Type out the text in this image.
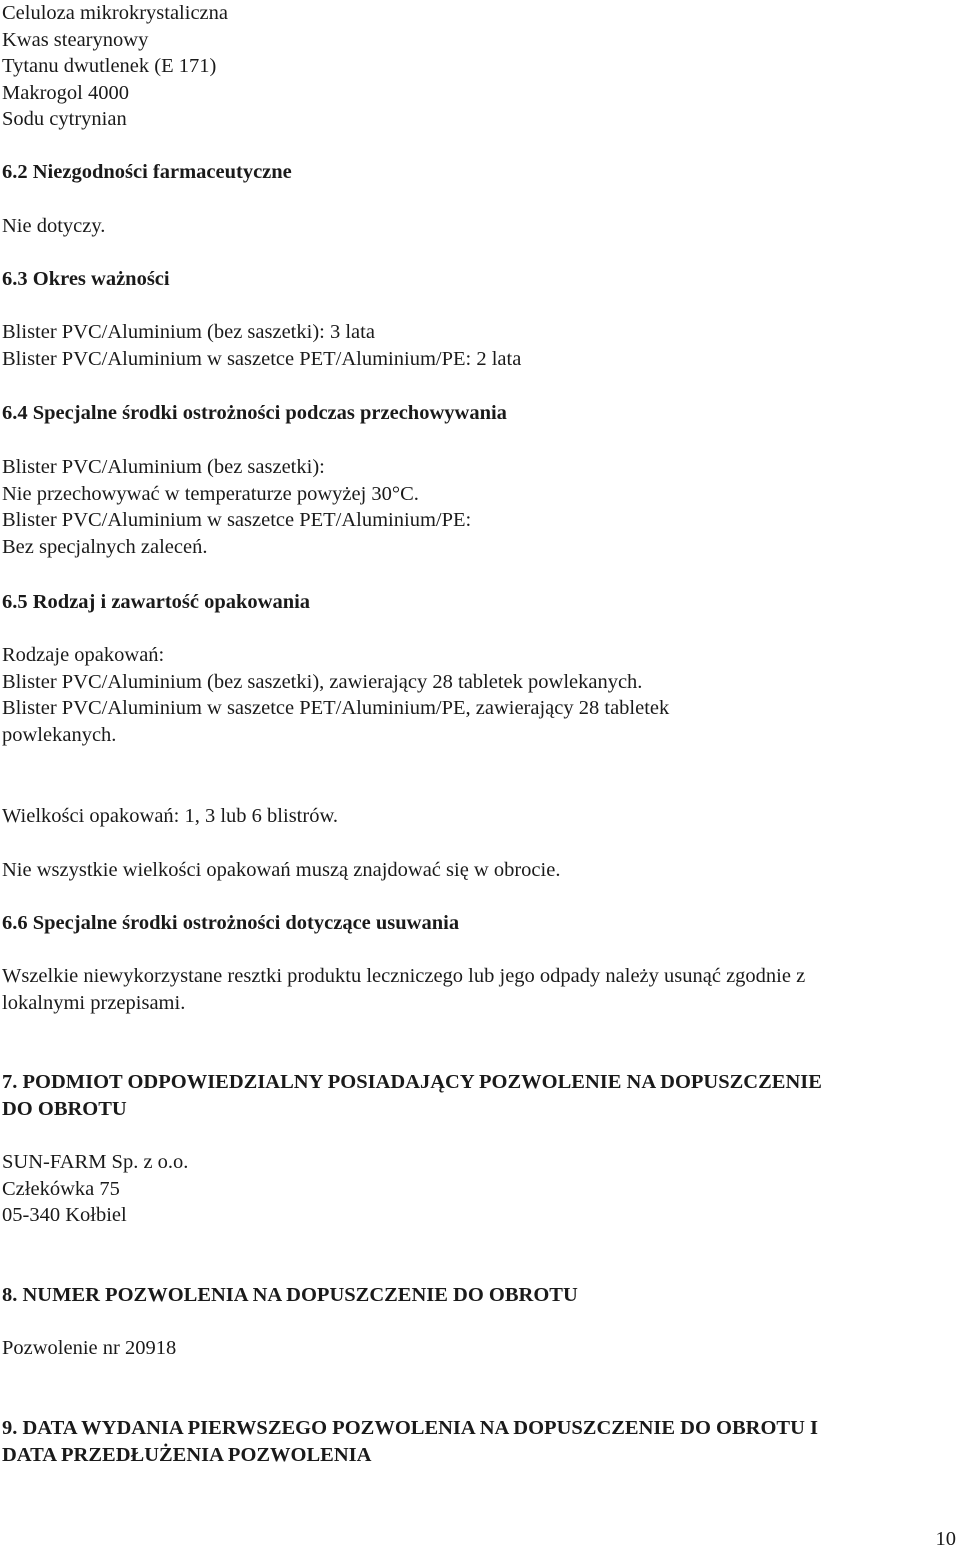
Celuloza mikrokrystaliczna
Kwas stearynowy
Tytanu dwutlenek (E 171)
Makrogol 4000
Sodu cytrynian
6.2 Niezgodności farmaceutyczne
Nie dotyczy.
6.3 Okres ważności
Blister PVC/Aluminium (bez saszetki): 3 lata
Blister PVC/Aluminium w saszetce PET/Aluminium/PE: 2 lata
6.4 Specjalne środki ostrożności podczas przechowywania
Blister PVC/Aluminium (bez saszetki):
Nie przechowywać w temperaturze powyżej 30°C.
Blister PVC/Aluminium w saszetce PET/Aluminium/PE:
Bez specjalnych zaleceń.
6.5 Rodzaj i zawartość opakowania
Rodzaje opakowań:
Blister PVC/Aluminium (bez saszetki), zawierający 28 tabletek powlekanych.
Blister PVC/Aluminium w saszetce PET/Aluminium/PE, zawierający 28 tabletek
powlekanych.
Wielkości opakowań: 1, 3 lub 6 blistrów.
Nie wszystkie wielkości opakowań muszą znajdować się w obrocie.
6.6 Specjalne środki ostrożności dotyczące usuwania
Wszelkie niewykorzystane resztki produktu leczniczego lub jego odpady należy usunąć zgodnie z
lokalnymi przepisami.
7. PODMIOT ODPOWIEDZIALNY POSIADAJĄCY POZWOLENIE NA DOPUSZCZENIE
DO OBROTU
SUN-FARM Sp. z o.o.
Człekówka 75
05-340 Kołbiel
8. NUMER POZWOLENIA NA DOPUSZCZENIE DO OBROTU
Pozwolenie nr 20918
9. DATA WYDANIA PIERWSZEGO POZWOLENIA NA DOPUSZCZENIE DO OBROTU I
DATA PRZEDŁUŻENIA POZWOLENIA
10
